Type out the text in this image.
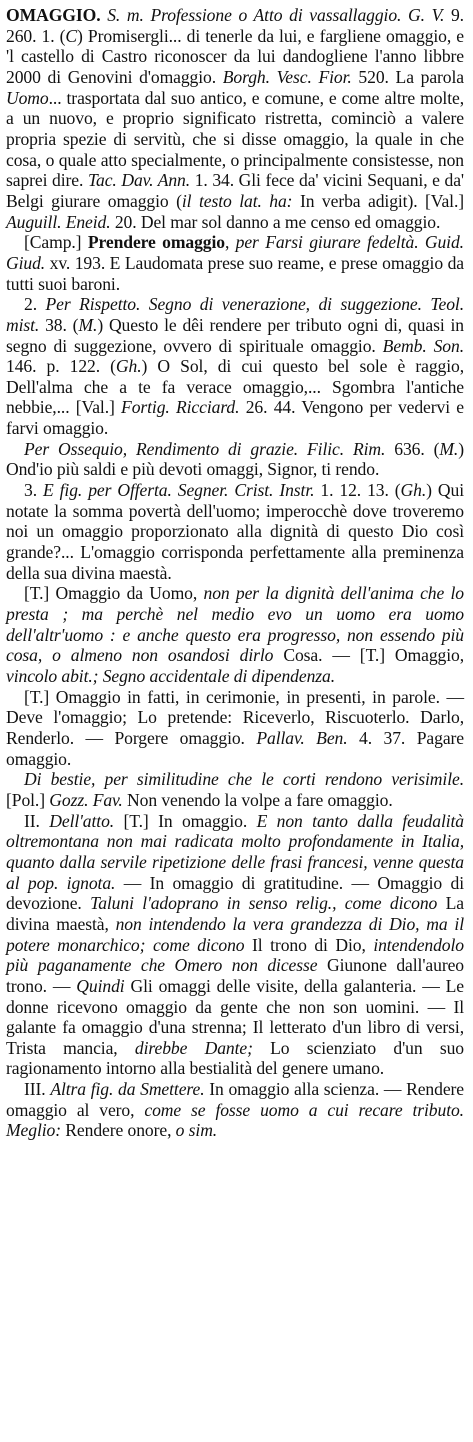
OMAGGIO. S. m. Professione o Atto di vassallaggio. G. V. 9. 260. 1. (C) Promisergli... di tenerle da lui, e fargliene omaggio, e 'l castello di Castro riconoscer da lui dandogliene l'anno libbre 2000 di Genovini d'omaggio. Borgh. Vesc. Fior. 520. La parola Uomo... trasportata dal suo antico, e comune, e come altre molte, a un nuovo, e proprio significato ristretta, cominciò a valere propria spezie di servitù, che si disse omaggio, la quale in che cosa, o quale atto specialmente, o principalmente consistesse, non saprei dire. Tac. Dav. Ann. 1. 34. Gli fece da' vicini Sequani, e da' Belgi giurare omaggio (il testo lat. ha: In verba adigit). [Val.] Auguill. Eneid. 20. Del mar sol danno a me censo ed omaggio.

[Camp.] Prendere omaggio, per Farsi giurare fedeltà. Guid. Giud. xv. 193. E Laudomata prese suo reame, e prese omaggio da tutti suoi baroni.

2. Per Rispetto. Segno di venerazione, di suggezione. Teol. mist. 38. (M.) Questo le dêi rendere per tributo ogni di, quasi in segno di suggezione, ovvero di spirituale omaggio. Bemb. Son. 146. p. 122. (Gh.) O Sol, di cui questo bel sole è raggio, Dell'alma che a te fa verace omaggio,... Sgombra l'antiche nebbie,... [Val.] Fortig. Ricciard. 26. 44. Vengono per vedervi e farvi omaggio.

Per Ossequio, Rendimento di grazie. Filic. Rim. 636. (M.) Ond'io più saldi e più devoti omaggi, Signor, ti rendo.

3. E fig. per Offerta. Segner. Crist. Instr. 1. 12. 13. (Gh.) Qui notate la somma povertà dell'uomo; imperocchè dove troveremo noi un omaggio proporzionato alla dignità di questo Dio così grande?... L'omaggio corrisponda perfettamente alla preminenza della sua divina maestà.

[T.] Omaggio da Uomo, non per la dignità dell'anima che lo presta ; ma perchè nel medio evo un uomo era uomo dell'altr'uomo : e anche questo era progresso, non essendo più cosa, o almeno non osandosi dirlo Cosa. — [T.] Omaggio, vincolo abit.; Segno accidentale di dipendenza.

[T.] Omaggio in fatti, in cerimonie, in presenti, in parole. — Deve l'omaggio; Lo pretende: Riceverlo, Riscuoterlo. Darlo, Renderlo. — Porgere omaggio. Pallav. Ben. 4. 37. Pagare omaggio.

Di bestie, per similitudine che le corti rendono verisimile. [Pol.] Gozz. Fav. Non venendo la volpe a fare omaggio.

II. Dell'atto. [T.] In omaggio. E non tanto dalla feudalità oltremontana non mai radicata molto profondamente in Italia, quanto dalla servile ripetizione delle frasi francesi, venne questa al pop. ignota. — In omaggio di gratitudine. — Omaggio di devozione. Taluni l'adoprano in senso relig., come dicono La divina maestà, non intendendo la vera grandezza di Dio, ma il potere monarchico; come dicono Il trono di Dio, intendendolo più paganamente che Omero non dicesse Giunone dall'aureo trono. — Quindi Gli omaggi delle visite, della galanteria. — Le donne ricevono omaggio da gente che non son uomini. — Il galante fa omaggio d'una strenna; Il letterato d'un libro di versi, Trista mancia, direbbe Dante; Lo scienziato d'un suo ragionamento intorno alla bestialità del genere umano.

III. Altra fig. da Smettere. In omaggio alla scienza. — Rendere omaggio al vero, come se fosse uomo a cui recare tributo. Meglio: Rendere onore, o sim.
